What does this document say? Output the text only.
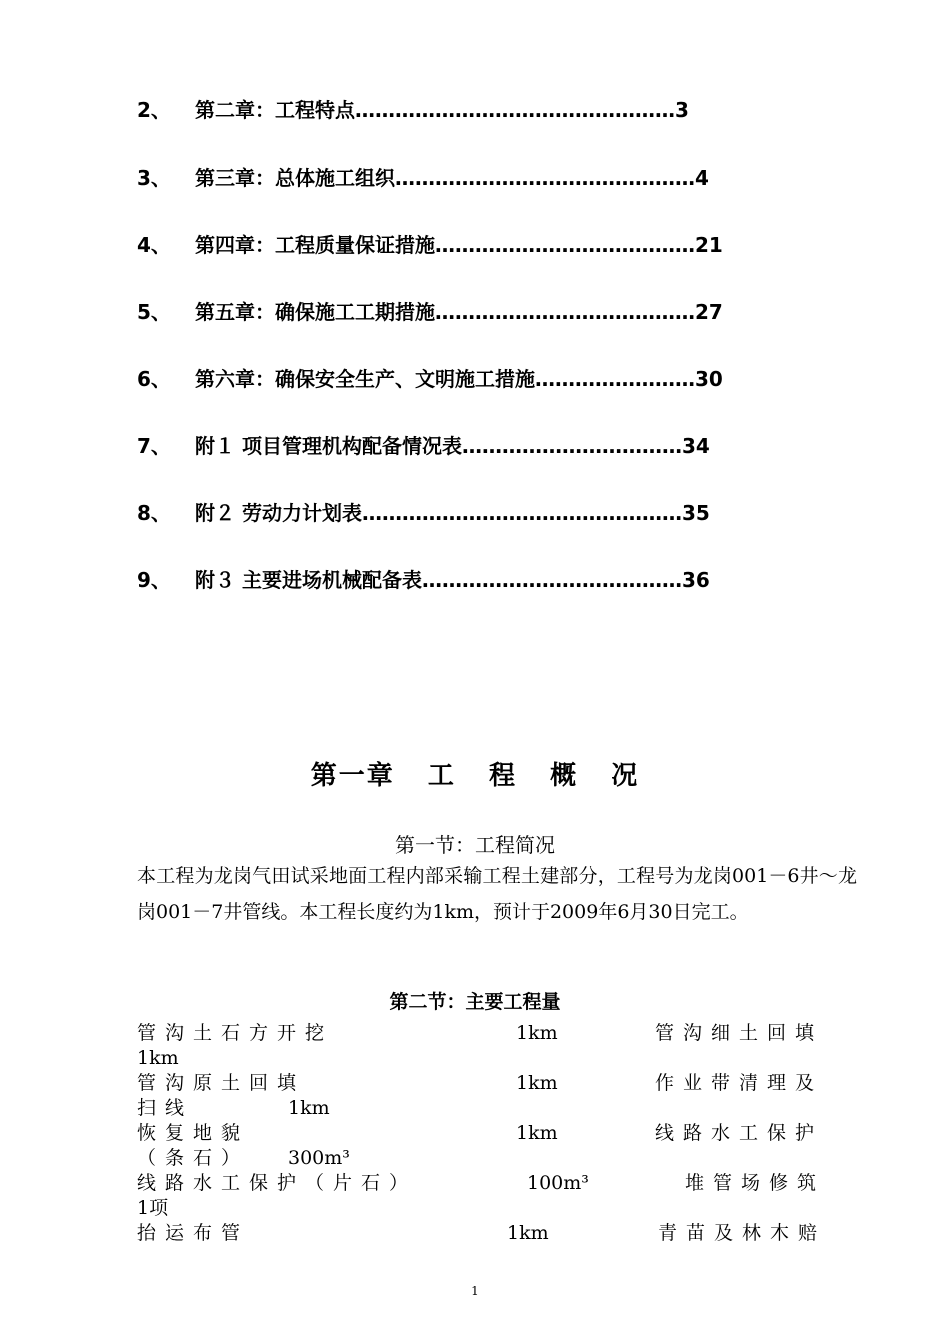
2、 第二章：工程特点…………………………………………3
3、 第三章：总体施工组织………………………………………4
4、 第四章：工程质量保证措施…………………………………21
5、 第五章：确保施工工期措施…………………………………27
6、 第六章：确保安全生产、文明施工措施……………………30
7、 附１ 项目管理机构配备情况表……………………………34
8、 附２ 劳动力计划表…………………………………………35
9、 附３ 主要进场机械配备表…………………………………36
第一章   工   程   概   况
第一节：工程简况
本工程为龙岗气田试采地面工程内部采输工程土建部分，工程号为龙岗001－6井～龙岗001－7井管线。本工程长度约为1km，预计于2009年6月30日完工。
第二节：主要工程量
管沟土石方开挖	1km	管沟细土回填
1km
管沟原土回填	1km	作业带清理及
扫线	1km
恢复地貌	1km	线路水工保护
（条石） 300m³
线路水工保护（片石）	100m³	堆管场修筑
1项
抬运布管	1km	青苗及林木赔
1
